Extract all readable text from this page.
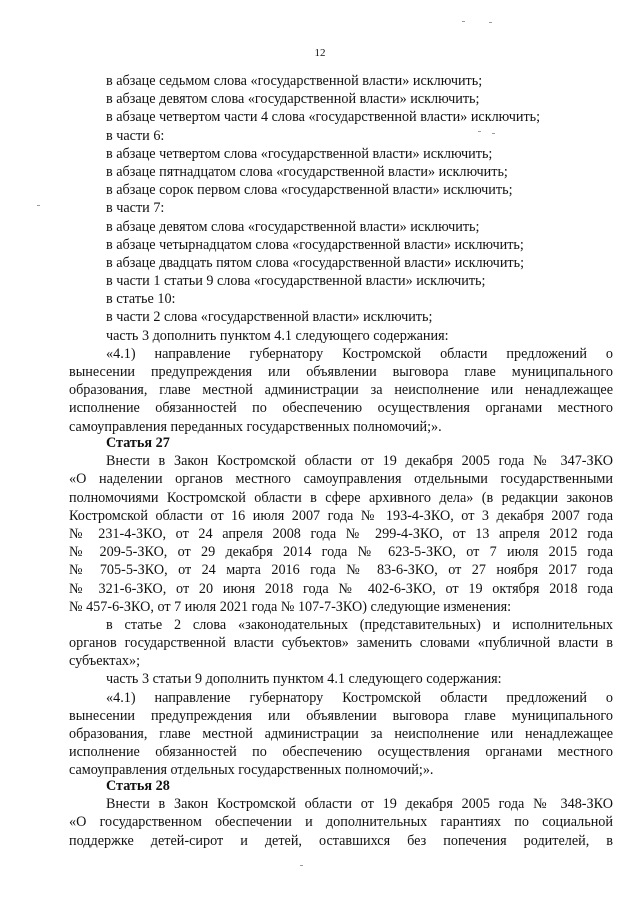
12
в абзаце седьмом слова «государственной власти» исключить;
в абзаце девятом слова «государственной власти» исключить;
в абзаце четвертом части 4 слова «государственной власти» исключить;
в части 6:
в абзаце четвертом слова «государственной власти» исключить;
в абзаце пятнадцатом слова «государственной власти» исключить;
в абзаце сорок первом слова «государственной власти» исключить;
в части 7:
в абзаце девятом слова «государственной власти» исключить;
в абзаце четырнадцатом слова «государственной власти» исключить;
в абзаце двадцать пятом слова «государственной власти» исключить;
в части 1 статьи 9 слова «государственной власти» исключить;
в статье 10:
в части 2 слова «государственной власти» исключить;
часть 3 дополнить пунктом 4.1 следующего содержания:
«4.1) направление губернатору Костромской области предложений о
вынесении предупреждения или объявлении выговора главе муниципального
образования, главе местной администрации за неисполнение или ненадлежащее
исполнение обязанностей по обеспечению осуществления органами местного
самоуправления переданных государственных полномочий;».
Статья 27
Внести в Закон Костромской области от 19 декабря 2005 года № 347-ЗКО
«О наделении органов местного самоуправления отдельными государственными
полномочиями Костромской области в сфере архивного дела» (в редакции законов
Костромской области от 16 июля 2007 года № 193-4-ЗКО, от 3 декабря 2007 года
№ 231-4-ЗКО, от 24 апреля 2008 года № 299-4-ЗКО, от 13 апреля 2012 года
№ 209-5-ЗКО, от 29 декабря 2014 года № 623-5-ЗКО, от 7 июля 2015 года
№ 705-5-ЗКО, от 24 марта 2016 года № 83-6-ЗКО, от 27 ноября 2017 года
№ 321-6-ЗКО, от 20 июня 2018 года № 402-6-ЗКО, от 19 октября 2018 года
№ 457-6-ЗКО, от 7 июля 2021 года № 107-7-ЗКО) следующие изменения:
в статье 2 слова «законодательных (представительных) и исполнительных
органов государственной власти субъектов» заменить словами «публичной власти в
субъектах»;
часть 3 статьи 9 дополнить пунктом 4.1 следующего содержания:
«4.1) направление губернатору Костромской области предложений о
вынесении предупреждения или объявлении выговора главе муниципального
образования, главе местной администрации за неисполнение или ненадлежащее
исполнение обязанностей по обеспечению осуществления органами местного
самоуправления отдельных государственных полномочий;».
Статья 28
Внести в Закон Костромской области от 19 декабря 2005 года № 348-ЗКО
«О государственном обеспечении и дополнительных гарантиях по социальной
поддержке детей-сирот и детей, оставшихся без попечения родителей, в
